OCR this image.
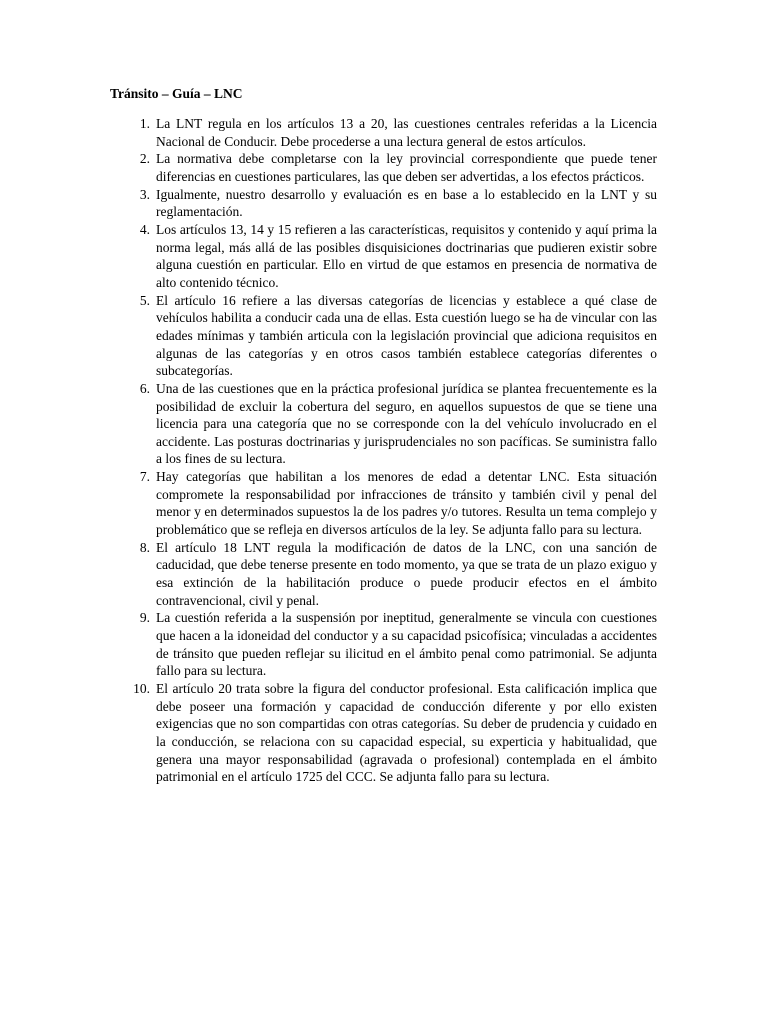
Tránsito – Guía – LNC
1. La LNT regula en los artículos 13 a 20, las cuestiones centrales referidas a la Licencia Nacional de Conducir. Debe procederse a una lectura general de estos artículos.
2. La normativa debe completarse con la ley provincial correspondiente que puede tener diferencias en cuestiones particulares, las que deben ser advertidas, a los efectos prácticos.
3. Igualmente, nuestro desarrollo y evaluación es en base a lo establecido en la LNT y su reglamentación.
4. Los artículos 13, 14 y 15 refieren a las características, requisitos y contenido y aquí prima la norma legal, más allá de las posibles disquisiciones doctrinarias que pudieren existir sobre alguna cuestión en particular. Ello en virtud de que estamos en presencia de normativa de alto contenido técnico.
5. El artículo 16 refiere a las diversas categorías de licencias y establece a qué clase de vehículos habilita a conducir cada una de ellas. Esta cuestión luego se ha de vincular con las edades mínimas y también articula con la legislación provincial que adiciona requisitos en algunas de las categorías y en otros casos también establece categorías diferentes o subcategorías.
6. Una de las cuestiones que en la práctica profesional jurídica se plantea frecuentemente es la posibilidad de excluir la cobertura del seguro, en aquellos supuestos de que se tiene una licencia para una categoría que no se corresponde con la del vehículo involucrado en el accidente. Las posturas doctrinarias y jurisprudenciales no son pacíficas. Se suministra fallo a los fines de su lectura.
7. Hay categorías que habilitan a los menores de edad a detentar LNC. Esta situación compromete la responsabilidad por infracciones de tránsito y también civil y penal del menor y en determinados supuestos la de los padres y/o tutores. Resulta un tema complejo y problemático que se refleja en diversos artículos de la ley. Se adjunta fallo para su lectura.
8. El artículo 18 LNT regula la modificación de datos de la LNC, con una sanción de caducidad, que debe tenerse presente en todo momento, ya que se trata de un plazo exiguo y esa extinción de la habilitación produce o puede producir efectos en el ámbito contravencional, civil y penal.
9. La cuestión referida a la suspensión por ineptitud, generalmente se vincula con cuestiones que hacen a la idoneidad del conductor y a su capacidad psicofísica; vinculadas a accidentes de tránsito que pueden reflejar su ilicitud en el ámbito penal como patrimonial. Se adjunta fallo para su lectura.
10. El artículo 20 trata sobre la figura del conductor profesional. Esta calificación implica que debe poseer una formación y capacidad de conducción diferente y por ello existen exigencias que no son compartidas con otras categorías. Su deber de prudencia y cuidado en la conducción, se relaciona con su capacidad especial, su experticia y habitualidad, que genera una mayor responsabilidad (agravada o profesional) contemplada en el ámbito patrimonial en el artículo 1725 del CCC. Se adjunta fallo para su lectura.
